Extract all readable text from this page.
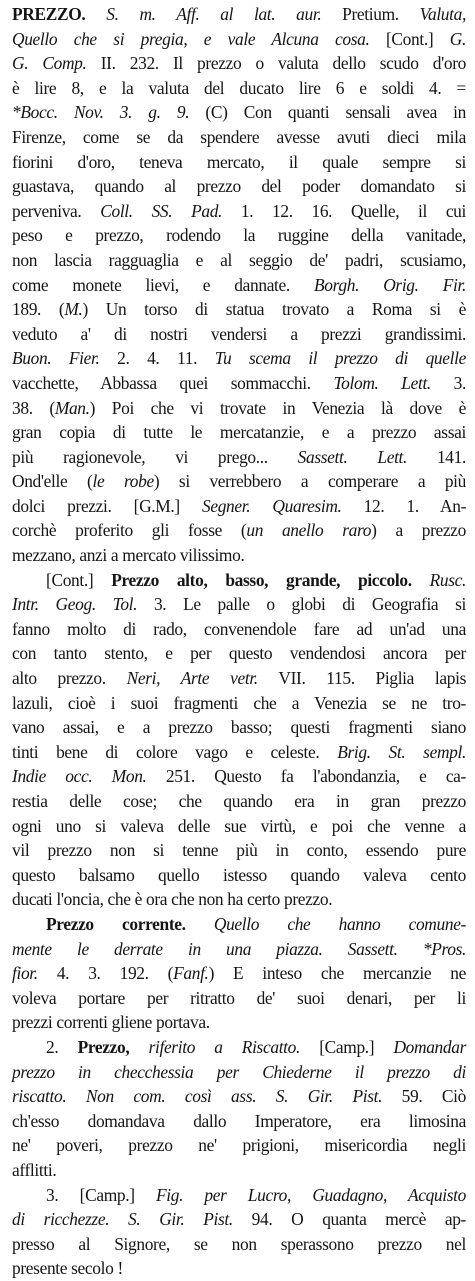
PREZZO. S. m. Aff. al lat. aur. Pretium. Valuta,
Quello che si pregia, e vale Alcuna cosa. [Cont.] G.
G. Comp. II. 232. Il prezzo o valuta dello scudo d'oro
è lire 8, e la valuta del ducato lire 6 e soldi 4. =
*Bocc. Nov. 3. g. 9. (C) Con quanti sensali avea in
Firenze, come se da spendere avesse avuti dieci mila
fiorini d'oro, teneva mercato, il quale sempre si
guastava, quando al prezzo del poder domandato si
perveniva. Coll. SS. Pad. 1. 12. 16. Quelle, il cui
peso e prezzo, rodendo la ruggine della vanitade,
non lascia ragguaglia e al seggio de' padri, scusiamo,
come monete lievi, e dannate. Borgh. Orig. Fir.
189. (M.) Un torso di statua trovato a Roma si è
veduto a' di nostri vendersi a prezzi grandissimi.
Buon. Fier. 2. 4. 11. Tu scema il prezzo di quelle
vacchette, Abbassa quei sommacchi. Tolom. Lett. 3.
38. (Man.) Poi che vi trovate in Venezia là dove è
gran copia di tutte le mercatanzie, e a prezzo assai
più ragionevole, vi prego... Sassett. Lett. 141.
Ond'elle (le robe) si verrebbero a comperare a più
dolci prezzi. [G.M.] Segner. Quaresim. 12. 1. An-
corchè proferito gli fosse (un anello raro) a prezzo
mezzano, anzi a mercato vilissimo.
[Cont.] Prezzo alto, basso, grande, piccolo. Rusc.
Intr. Geog. Tol. 3. Le palle o globi di Geografia si
fanno molto di rado, convenendole fare ad un'ad una
con tanto stento, e per questo vendendosi ancora per
alto prezzo. Neri, Arte vetr. VII. 115. Piglia lapis
lazuli, cioè i suoi fragmenti che a Venezia se ne tro-
vano assai, e a prezzo basso; questi fragmenti siano
tinti bene di colore vago e celeste. Brig. St. sempl.
Indie occ. Mon. 251. Questo fa l'abondanzia, e ca-
restia delle cose; che quando era in gran prezzo
ogni uno si valeva delle sue virtù, e poi che venne a
vil prezzo non si tenne più in conto, essendo pure
questo balsamo quello istesso quando valeva cento
ducati l'oncia, che è ora che non ha certo prezzo.
Prezzo corrente. Quello che hanno comune-
mente le derrate in una piazza. Sassett. *Pros.
fior. 4. 3. 192. (Fanf.) E inteso che mercanzie ne
voleva portare per ritratto de' suoi denari, per li
prezzi correnti gliene portava.
2. Prezzo, riferito a Riscatto. [Camp.] Domandar
prezzo in checchessia per Chiederne il prezzo di
riscatto. Non com. così ass. S. Gir. Pist. 59. Ciò
ch'esso domandava dallo Imperatore, era limosina
ne' poveri, prezzo ne' prigioni, misericordia negli
afflitti.
3. [Camp.] Fig. per Lucro, Guadagno, Acquisto
di ricchezze. S. Gir. Pist. 94. O quanta mercè ap-
presso al Signore, se non sperassono prezzo nel
presente secolo !
